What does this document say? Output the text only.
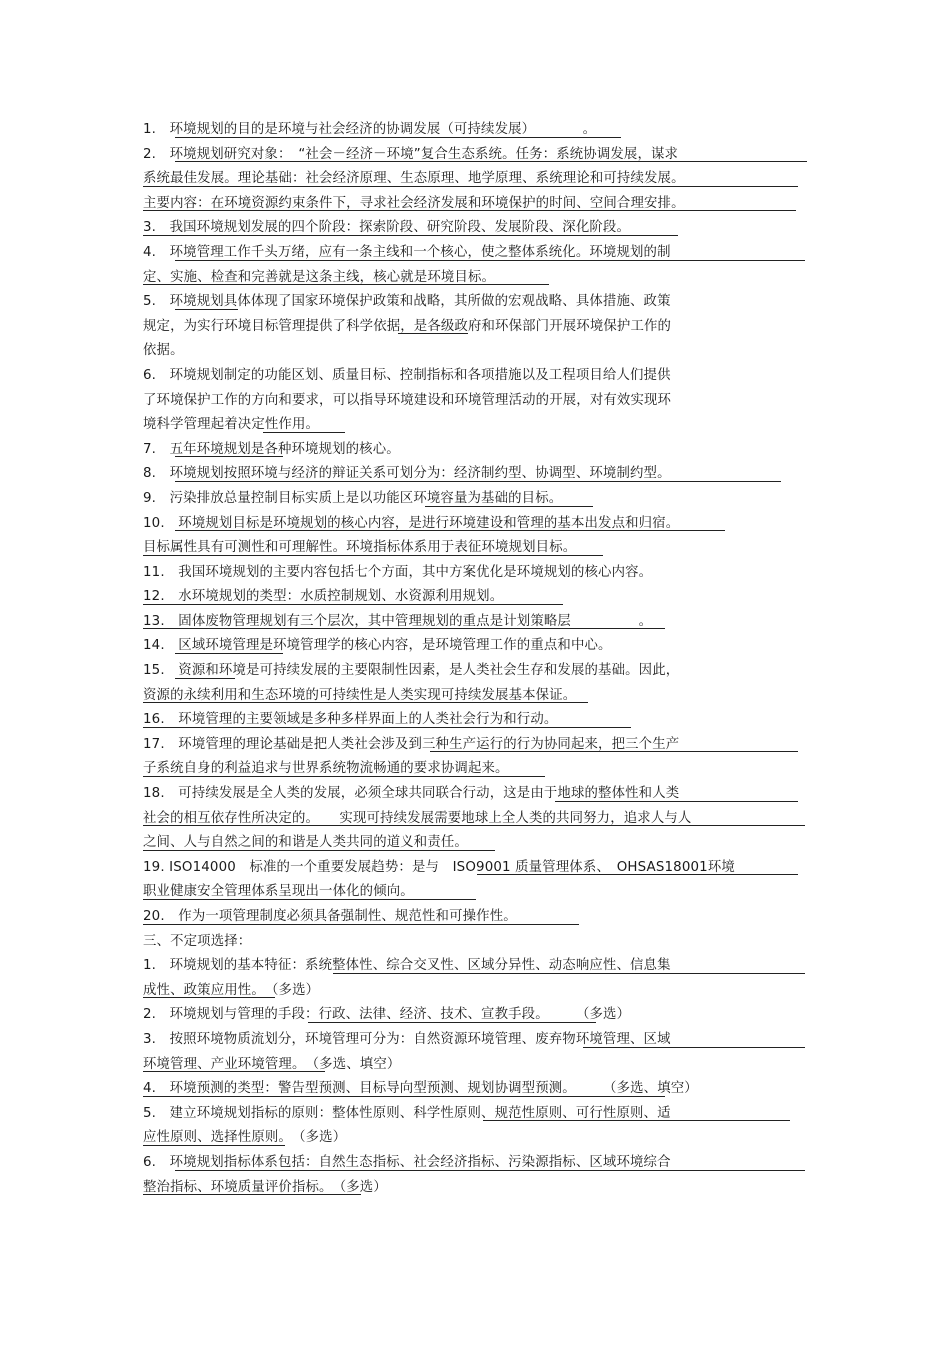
1.　环境规划的目的是环境与社会经济的协调发展（可持续发展）　　　　。
2.　环境规划研究对象：　“社会－经济－环境”复合生态系统。任务：系统协调发展，谋求
系统最佳发展。理论基础：社会经济原理、生态原理、地学原理、系统理论和可持续发展。
主要内容：在环境资源约束条件下，寻求社会经济发展和环境保护的时间、空间合理安排。
3.　我国环境规划发展的四个阶段：探索阶段、研究阶段、发展阶段、深化阶段。
4.　环境管理工作千头万绪，应有一条主线和一个核心，使之整体系统化。环境规划的制
定、实施、检查和完善就是这条主线，核心就是环境目标。
5.　环境规划具体体现了国家环境保护政策和战略，其所做的宏观战略、具体措施、政策
规定，为实行环境目标管理提供了科学依据，是各级政府和环保部门开展环境保护工作的
依据。
6.　环境规划制定的功能区划、质量目标、控制指标和各项措施以及工程项目给人们提供
了环境保护工作的方向和要求，可以指导环境建设和环境管理活动的开展，对有效实现环
境科学管理起着决定性作用。
7.　五年环境规划是各种环境规划的核心。
8.　环境规划按照环境与经济的辩证关系可划分为：经济制约型、协调型、环境制约型。
9.　污染排放总量控制目标实质上是以功能区环境容量为基础的目标。
10.　环境规划目标是环境规划的核心内容，是进行环境建设和管理的基本出发点和归宿。
目标属性具有可测性和可理解性。环境指标体系用于表征环境规划目标。
11.　我国环境规划的主要内容包括七个方面，其中方案优化是环境规划的核心内容。
12.　水环境规划的类型：水质控制规划、水资源利用规划。
13.　固体废物管理规划有三个层次，其中管理规划的重点是计划策略层　　　　　。
14.　区域环境管理是环境管理学的核心内容，是环境管理工作的重点和中心。
15.　资源和环境是可持续发展的主要限制性因素，是人类社会生存和发展的基础。因此，
资源的永续利用和生态环境的可持续性是人类实现可持续发展基本保证。
16.　环境管理的主要领域是多种多样界面上的人类社会行为和行动。
17.　环境管理的理论基础是把人类社会涉及到三种生产运行的行为协同起来，把三个生产
子系统自身的利益追求与世界系统物流畅通的要求协调起来。
18.　可持续发展是全人类的发展，必须全球共同联合行动，这是由于地球的整体性和人类
社会的相互依存性所决定的。　　实现可持续发展需要地球上全人类的共同努力，追求人与人
之间、人与自然之间的和谐是人类共同的道义和责任。
19. ISO14000　标准的一个重要发展趋势：是与　ISO9001 质量管理体系、　OHSAS18001环境
职业健康安全管理体系呈现出一体化的倾向。
20.　作为一项管理制度必须具备强制性、规范性和可操作性。
三、不定项选择：
1.　环境规划的基本特征：系统整体性、综合交叉性、区域分异性、动态响应性、信息集
成性、政策应用性。　（多选）
2.　环境规划与管理的手段：行政、法律、经济、技术、宣教手段。　　　（多选）
3.　按照环境物质流划分，环境管理可分为：自然资源环境管理、废弃物环境管理、区域
环境管理、产业环境管理。　（多选、填空）
4.　环境预测的类型：警告型预测、目标导向型预测、规划协调型预测。　　　（多选、填空）
5.　建立环境规划指标的原则：整体性原则、科学性原则、规范性原则、可行性原则、适
应性原则、选择性原则。　（多选）
6.　环境规划指标体系包括：自然生态指标、社会经济指标、污染源指标、区域环境综合
整治指标、环境质量评价指标。　（多选）
